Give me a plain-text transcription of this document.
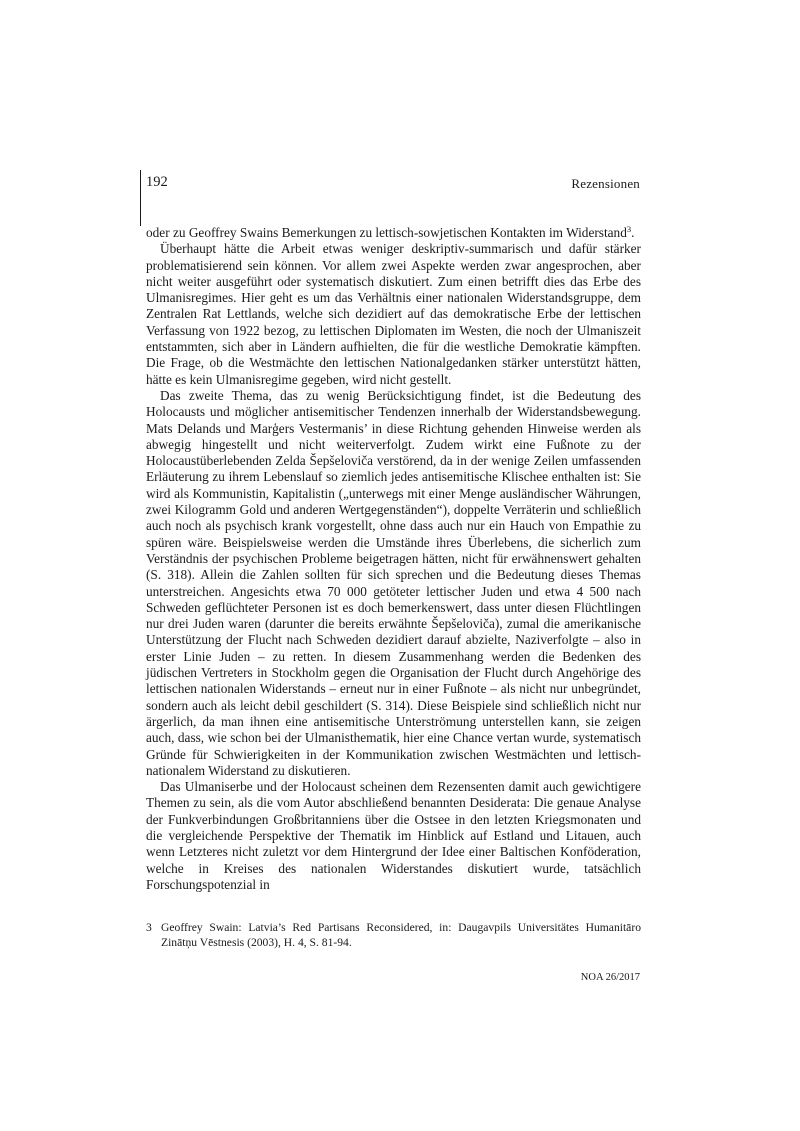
192	Rezensionen

oder zu Geoffrey Swains Bemerkungen zu lettisch-sowjetischen Kontakten im Widerstand$^3$.

Überhaupt hätte die Arbeit etwas weniger deskriptiv-summarisch und dafür stärker problematisierend sein können. Vor allem zwei Aspekte werden zwar angesprochen, aber nicht weiter ausgeführt oder systematisch diskutiert. Zum einen betrifft dies das Erbe des Ulmanisregimes. Hier geht es um das Verhältnis einer nationalen Widerstandsgruppe, dem Zentralen Rat Lettlands, welche sich dezidiert auf das demokratische Erbe der lettischen Verfassung von 1922 bezog, zu lettischen Diplomaten im Westen, die noch der Ulmaniszeit entstammten, sich aber in Ländern aufhielten, die für die westliche Demokratie kämpften. Die Frage, ob die Westmächte den lettischen Nationalgedanken stärker unterstützt hätten, hätte es kein Ulmanisregime gegeben, wird nicht gestellt.

Das zweite Thema, das zu wenig Berücksichtigung findet, ist die Bedeutung des Holocausts und möglicher antisemitischer Tendenzen innerhalb der Widerstandsbewegung. Mats Delands und Marģers Vestermanis’ in diese Richtung gehenden Hinweise werden als abwegig hingestellt und nicht weiterverfolgt. Zudem wirkt eine Fußnote zu der Holocaustüberlebenden Zelda Šepšeloviča verstörend, da in der wenige Zeilen umfassenden Erläuterung zu ihrem Lebenslauf so ziemlich jedes antisemitische Klischee enthalten ist: Sie wird als Kommunistin, Kapitalistin („unterwegs mit einer Menge ausländischer Währungen, zwei Kilogramm Gold und anderen Wertgegenständen“), doppelte Verräterin und schließlich auch noch als psychisch krank vorgestellt, ohne dass auch nur ein Hauch von Empathie zu spüren wäre. Beispielsweise werden die Umstände ihres Überlebens, die sicherlich zum Verständnis der psychischen Probleme beigetragen hätten, nicht für erwähnenswert gehalten (S. 318). Allein die Zahlen sollten für sich sprechen und die Bedeutung dieses Themas unterstreichen. Angesichts etwa 70 000 getöteter lettischer Juden und etwa 4 500 nach Schweden geflüchteter Personen ist es doch bemerkenswert, dass unter diesen Flüchtlingen nur drei Juden waren (darunter die bereits erwähnte Šepšeloviča), zumal die amerikanische Unterstützung der Flucht nach Schweden dezidiert darauf abzielte, Naziverfolgte – also in erster Linie Juden – zu retten. In diesem Zusammenhang werden die Bedenken des jüdischen Vertreters in Stockholm gegen die Organisation der Flucht durch Angehörige des lettischen nationalen Widerstands – erneut nur in einer Fußnote – als nicht nur unbegründet, sondern auch als leicht debil geschildert (S. 314). Diese Beispiele sind schließlich nicht nur ärgerlich, da man ihnen eine antisemitische Unterströmung unterstellen kann, sie zeigen auch, dass, wie schon bei der Ulmanisthematik, hier eine Chance vertan wurde, systematisch Gründe für Schwierigkeiten in der Kommunikation zwischen Westmächten und lettisch-nationalem Widerstand zu diskutieren.

Das Ulmaniserbe und der Holocaust scheinen dem Rezensenten damit auch gewichtigere Themen zu sein, als die vom Autor abschließend benannten Desiderata: Die genaue Analyse der Funkverbindungen Großbritanniens über die Ostsee in den letzten Kriegsmonaten und die vergleichende Perspektive der Thematik im Hinblick auf Estland und Litauen, auch wenn Letzteres nicht zuletzt vor dem Hintergrund der Idee einer Baltischen Konföderation, welche in Kreises des nationalen Widerstandes diskutiert wurde, tatsächlich Forschungspotenzial in

3 Geoffrey Swain: Latvia’s Red Partisans Reconsidered, in: Daugavpils Universitätes Humanitāro Zinātņu Vēstnesis (2003), H. 4, S. 81-94.
NOA 26/2017
